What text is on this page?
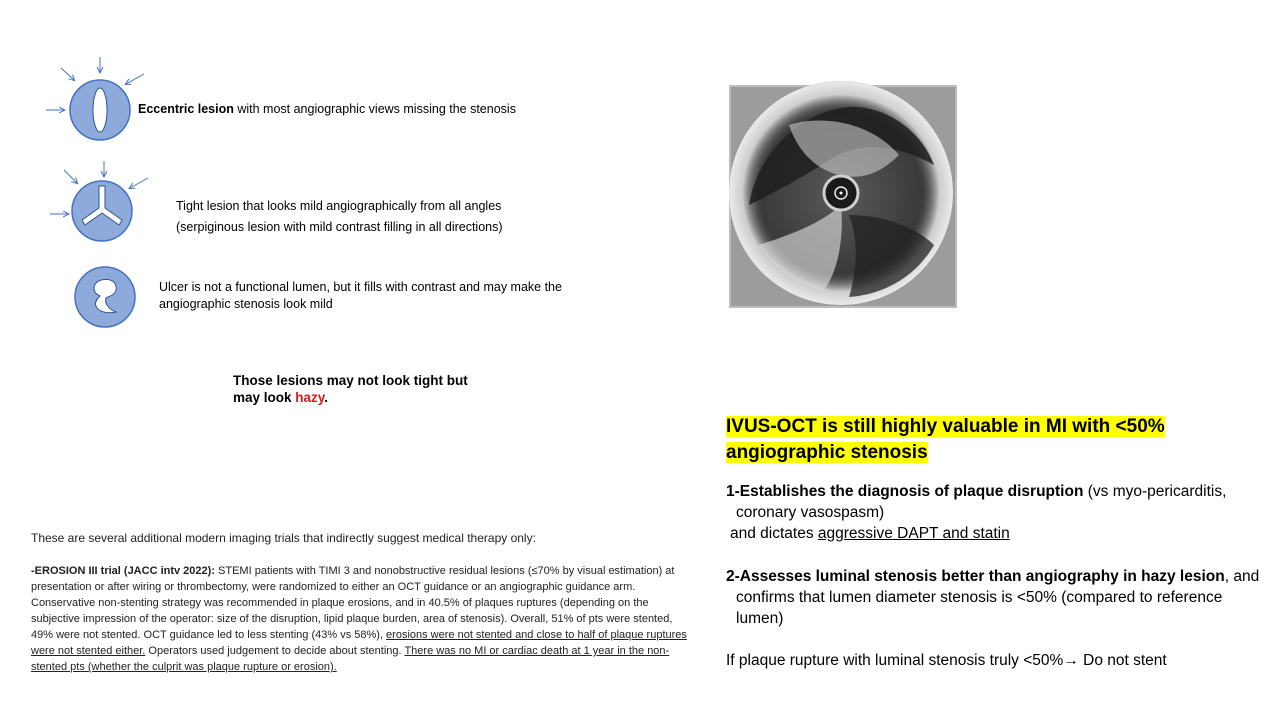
Eccentric lesion with most angiographic views missing the stenosis
Tight lesion that looks mild angiographically from all angles
(serpiginous lesion with mild contrast filling in all directions)
Ulcer is not a functional lumen, but it fills with contrast and may make the
angiographic stenosis look mild
Those lesions may not look tight but
may look hazy.
These are several additional modern imaging trials that indirectly suggest medical therapy only:
-EROSION III trial (JACC intv 2022): STEMI patients with TIMI 3 and nonobstructive residual lesions (≤70% by visual estimation) at presentation or after wiring or thrombectomy, were randomized to either an OCT guidance or an angiographic guidance arm. Conservative non-stenting strategy was recommended in plaque erosions, and in 40.5% of plaques ruptures (depending on the subjective impression of the operator: size of the disruption, lipid plaque burden, area of stenosis). Overall, 51% of pts were stented, 49% were not stented. OCT guidance led to less stenting (43% vs 58%), erosions were not stented and close to half of plaque ruptures were not stented either. Operators used judgement to decide about stenting. There was no MI or cardiac death at 1 year in the non-stented pts (whether the culprit was plaque rupture or erosion).
IVUS-OCT is still highly valuable in MI with <50% angiographic stenosis
1-Establishes the diagnosis of plaque disruption (vs myo-pericarditis,
coronary vasospasm)
and dictates aggressive DAPT and statin
2-Assesses luminal stenosis better than angiography in hazy lesion, and
confirms that lumen diameter stenosis is <50% (compared to reference
lumen)
If plaque rupture with luminal stenosis truly <50%→ Do not stent
